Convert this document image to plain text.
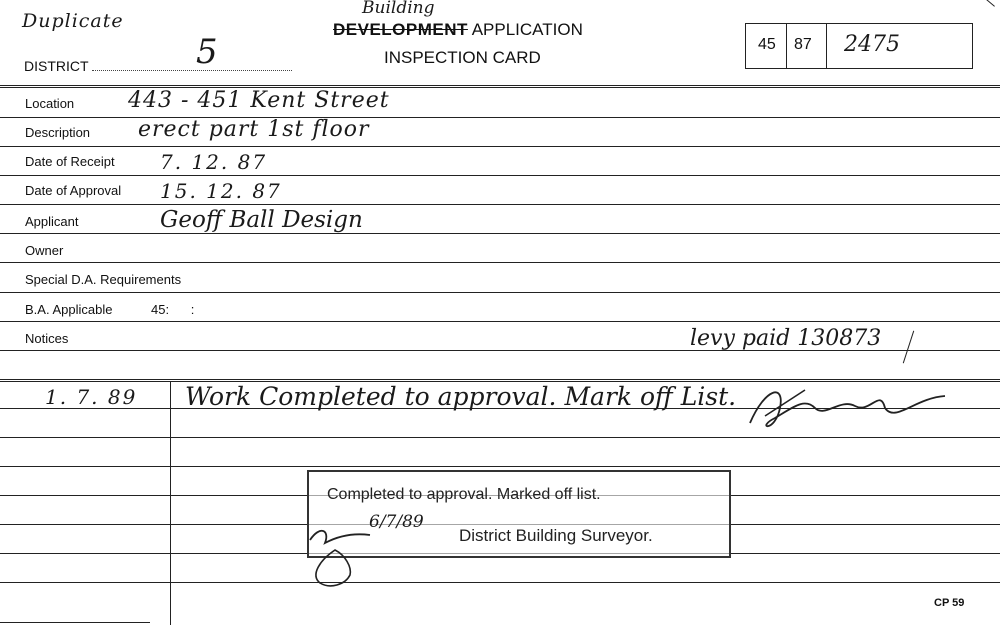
Duplicate
DISTRICT	5
Building
DEVELOPMENT APPLICATION
INSPECTION CARD
45 87 2475
Location
Description
Date of Receipt
Date of Approval
Applicant
Owner
Special D.A. Requirements
B.A. Applicable
Notices
443 - 451 Kent Street
erect part 1st floor
7. 12. 87
15. 12. 87
Geoff Ball Design
45:      :
levy paid 130873
1. 7. 89 Work Completed to approval. Mark off List.
Completed to approval. Marked off list.
6/7/89
District Building Surveyor.
CP 59
